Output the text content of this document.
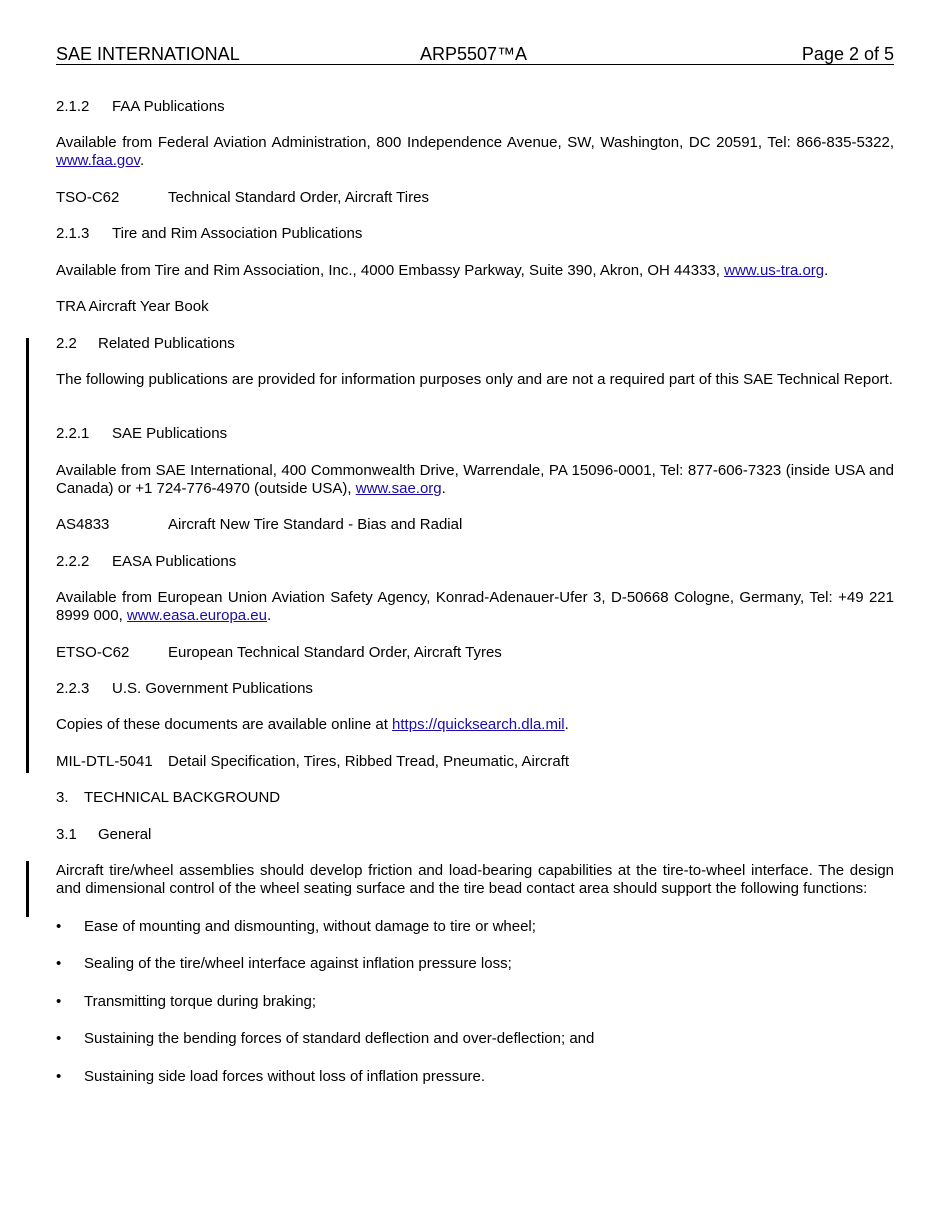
SAE INTERNATIONAL	ARP5507™A	Page 2 of 5
2.1.2 FAA Publications
Available from Federal Aviation Administration, 800 Independence Avenue, SW, Washington, DC 20591, Tel: 866-835-5322, www.faa.gov.
TSO-C62	Technical Standard Order, Aircraft Tires
2.1.3 Tire and Rim Association Publications
Available from Tire and Rim Association, Inc., 4000 Embassy Parkway, Suite 390, Akron, OH 44333, www.us-tra.org.
TRA Aircraft Year Book
2.2 Related Publications
The following publications are provided for information purposes only and are not a required part of this SAE Technical Report.
2.2.1 SAE Publications
Available from SAE International, 400 Commonwealth Drive, Warrendale, PA 15096-0001, Tel: 877-606-7323 (inside USA and Canada) or +1 724-776-4970 (outside USA), www.sae.org.
AS4833	Aircraft New Tire Standard - Bias and Radial
2.2.2 EASA Publications
Available from European Union Aviation Safety Agency, Konrad-Adenauer-Ufer 3, D-50668 Cologne, Germany, Tel: +49 221 8999 000, www.easa.europa.eu.
ETSO-C62	European Technical Standard Order, Aircraft Tyres
2.2.3 U.S. Government Publications
Copies of these documents are available online at https://quicksearch.dla.mil.
MIL-DTL-5041 Detail Specification, Tires, Ribbed Tread, Pneumatic, Aircraft
3. TECHNICAL BACKGROUND
3.1 General
Aircraft tire/wheel assemblies should develop friction and load-bearing capabilities at the tire-to-wheel interface. The design and dimensional control of the wheel seating surface and the tire bead contact area should support the following functions:
• Ease of mounting and dismounting, without damage to tire or wheel;
• Sealing of the tire/wheel interface against inflation pressure loss;
• Transmitting torque during braking;
• Sustaining the bending forces of standard deflection and over-deflection; and
• Sustaining side load forces without loss of inflation pressure.
